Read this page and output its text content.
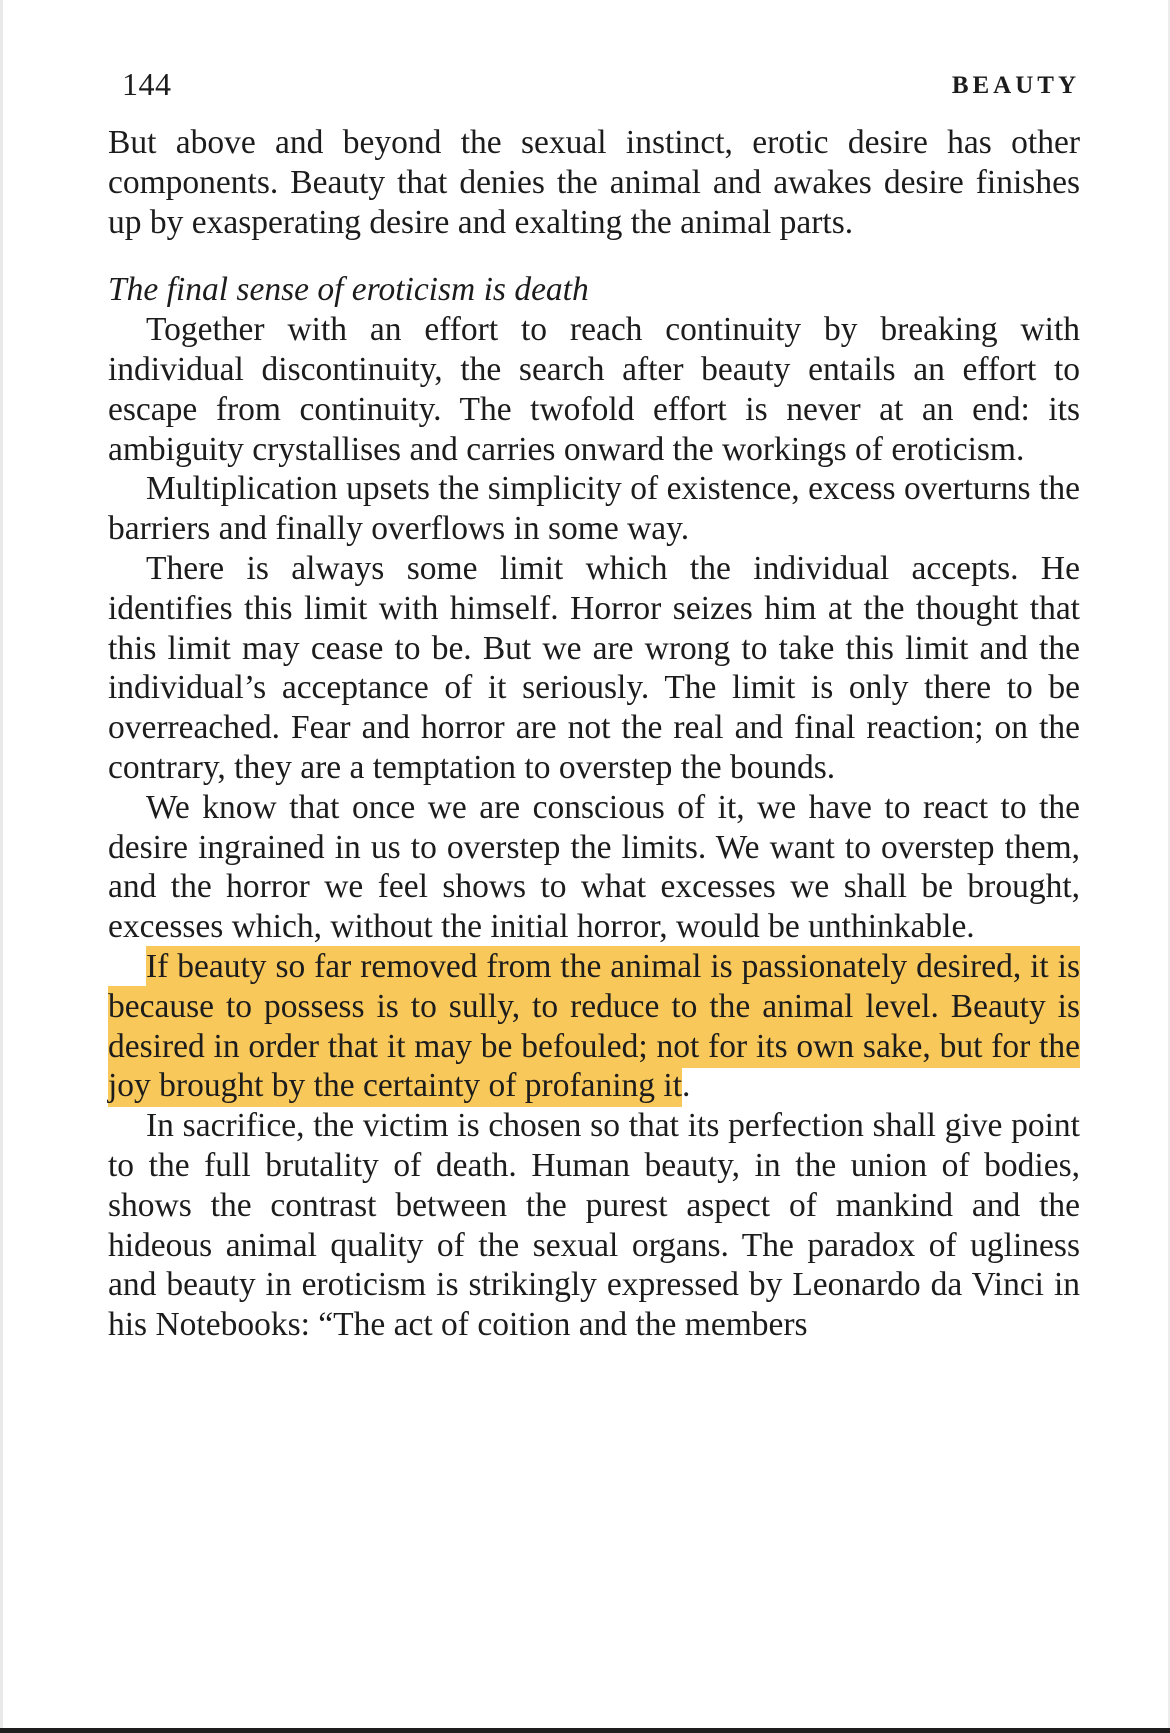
144	BEAUTY

But above and beyond the sexual instinct, erotic desire has other components. Beauty that denies the animal and awakes desire finishes up by exasperating desire and exalting the animal parts.

The final sense of eroticism is death

Together with an effort to reach continuity by breaking with individual discontinuity, the search after beauty entails an effort to escape from continuity. The twofold effort is never at an end: its ambiguity crystallises and carries onward the workings of eroticism.

Multiplication upsets the simplicity of existence, excess overturns the barriers and finally overflows in some way.

There is always some limit which the individual accepts. He identifies this limit with himself. Horror seizes him at the thought that this limit may cease to be. But we are wrong to take this limit and the individual’s acceptance of it seriously. The limit is only there to be overreached. Fear and horror are not the real and final reaction; on the contrary, they are a temptation to overstep the bounds.

We know that once we are conscious of it, we have to react to the desire ingrained in us to overstep the limits. We want to overstep them, and the horror we feel shows to what excesses we shall be brought, excesses which, without the initial horror, would be unthinkable.

If beauty so far removed from the animal is passionately desired, it is because to possess is to sully, to reduce to the animal level. Beauty is desired in order that it may be befouled; not for its own sake, but for the joy brought by the certainty of profaning it.

In sacrifice, the victim is chosen so that its perfection shall give point to the full brutality of death. Human beauty, in the union of bodies, shows the contrast between the purest aspect of mankind and the hideous animal quality of the sexual organs. The paradox of ugliness and beauty in eroticism is strikingly expressed by Leonardo da Vinci in his Notebooks: “The act of coition and the members
